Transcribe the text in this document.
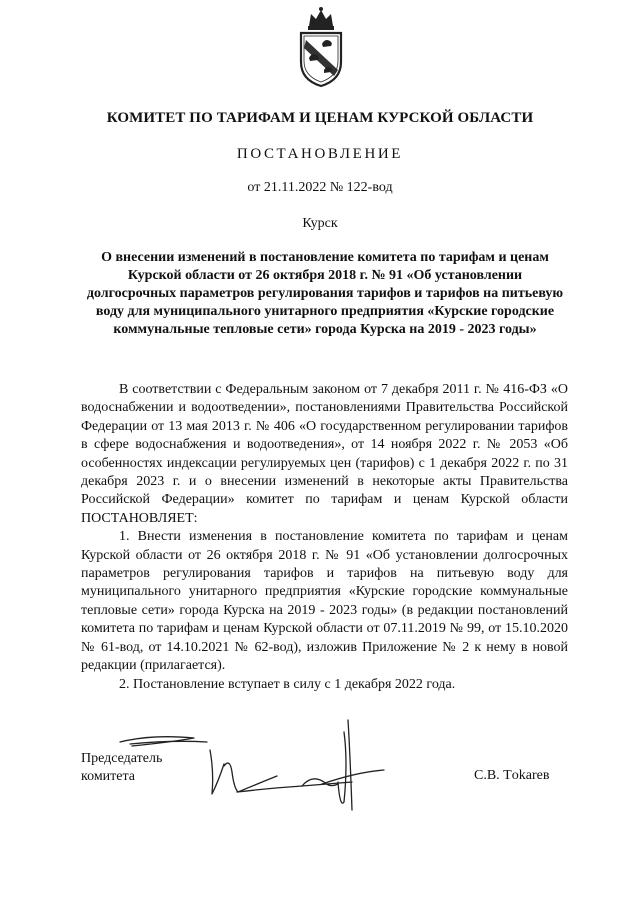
КОМИТЕТ ПО ТАРИФАМ И ЦЕНАМ КУРСКОЙ ОБЛАСТИ
ПОСТАНОВЛЕНИЕ
от 21.11.2022 № 122-вод
Курск
О внесении изменений в постановление комитета по тарифам и ценам Курской области от 26 октября 2018 г. № 91 «Об установлении долгосрочных параметров регулирования тарифов и тарифов на питьевую воду для муниципального унитарного предприятия «Курские городские коммунальные тепловые сети» города Курска на 2019 - 2023 годы»

В соответствии с Федеральным законом от 7 декабря 2011 г. № 416-ФЗ «О водоснабжении и водоотведении», постановлениями Правительства Российской Федерации от 13 мая 2013 г. № 406 «О государственном регулировании тарифов в сфере водоснабжения и водоотведения», от 14 ноября 2022 г. № 2053 «Об особенностях индексации регулируемых цен (тарифов) с 1 декабря 2022 г. по 31 декабря 2023 г. и о внесении изменений в некоторые акты Правительства Российской Федерации» комитет по тарифам и ценам Курской области ПОСТАНОВЛЯЕТ:

1. Внести изменения в постановление комитета по тарифам и ценам Курской области от 26 октября 2018 г. № 91 «Об установлении долгосрочных параметров регулирования тарифов и тарифов на питьевую воду для муниципального унитарного предприятия «Курские городские коммунальные тепловые сети» города Курска на 2019 - 2023 годы» (в редакции постановлений комитета по тарифам и ценам Курской области от 07.11.2019 № 99, от 15.10.2020 № 61-вод, от 14.10.2021 № 62-вод), изложив Приложение № 2 к нему в новой редакции (прилагается).

2. Постановление вступает в силу с 1 декабря 2022 года.

Председатель
комитета	С.В. Тokarев
